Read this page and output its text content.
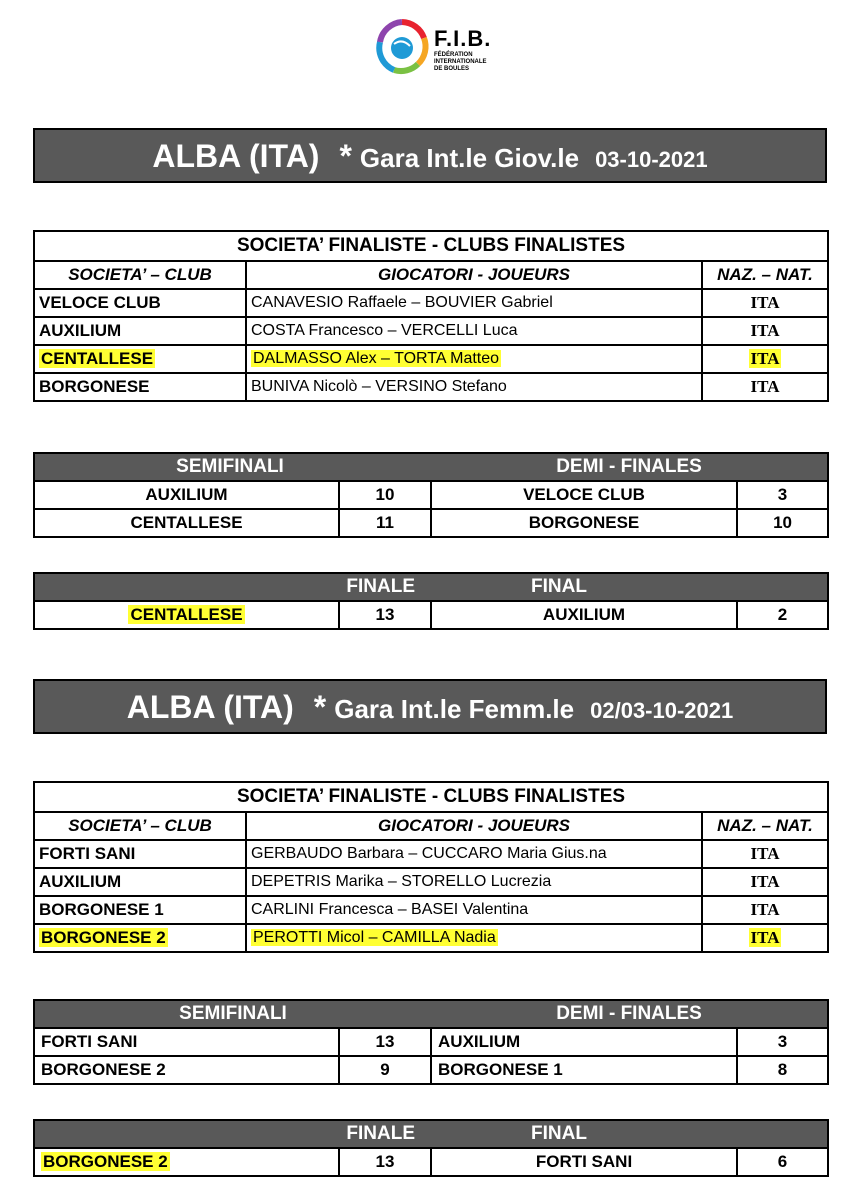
F.I.B.
FÉDÉRATION
INTERNATIONALE
DE BOULES
ALBA (ITA) * Gara Int.le Giov.le 03-10-2021
SOCIETA’ FINALISTE - CLUBS FINALISTES		
SOCIETA’ – CLUB	GIOCATORI - JOUEURS	NAZ. – NAT.
VELOCE CLUB	CANAVESIO Raffaele – BOUVIER Gabriel	ITA
AUXILIUM	COSTA Francesco – VERCELLI Luca	ITA
CENTALLESE	DALMASSO Alex – TORTA Matteo	ITA
BORGONESE	BUNIVA Nicolò – VERSINO Stefano	ITA
SEMIFINALI		DEMI - FINALES	
AUXILIUM	10	VELOCE CLUB	3
CENTALLESE	11	BORGONESE	10
FINALE		FINAL	
CENTALLESE	13	AUXILIUM	2
ALBA (ITA) * Gara Int.le Femm.le 02/03-10-2021
SOCIETA’ FINALISTE - CLUBS FINALISTES		
SOCIETA’ – CLUB	GIOCATORI - JOUEURS	NAZ. – NAT.
FORTI SANI	GERBAUDO Barbara – CUCCARO Maria Gius.na	ITA
AUXILIUM	DEPETRIS Marika – STORELLO Lucrezia	ITA
BORGONESE 1	CARLINI Francesca – BASEI Valentina	ITA
BORGONESE 2	PEROTTI Micol – CAMILLA Nadia	ITA
SEMIFINALI		DEMI - FINALES	
FORTI SANI	13	AUXILIUM	3
BORGONESE 2	9	BORGONESE 1	8
FINALE		FINAL	
BORGONESE 2	13	FORTI SANI	6
